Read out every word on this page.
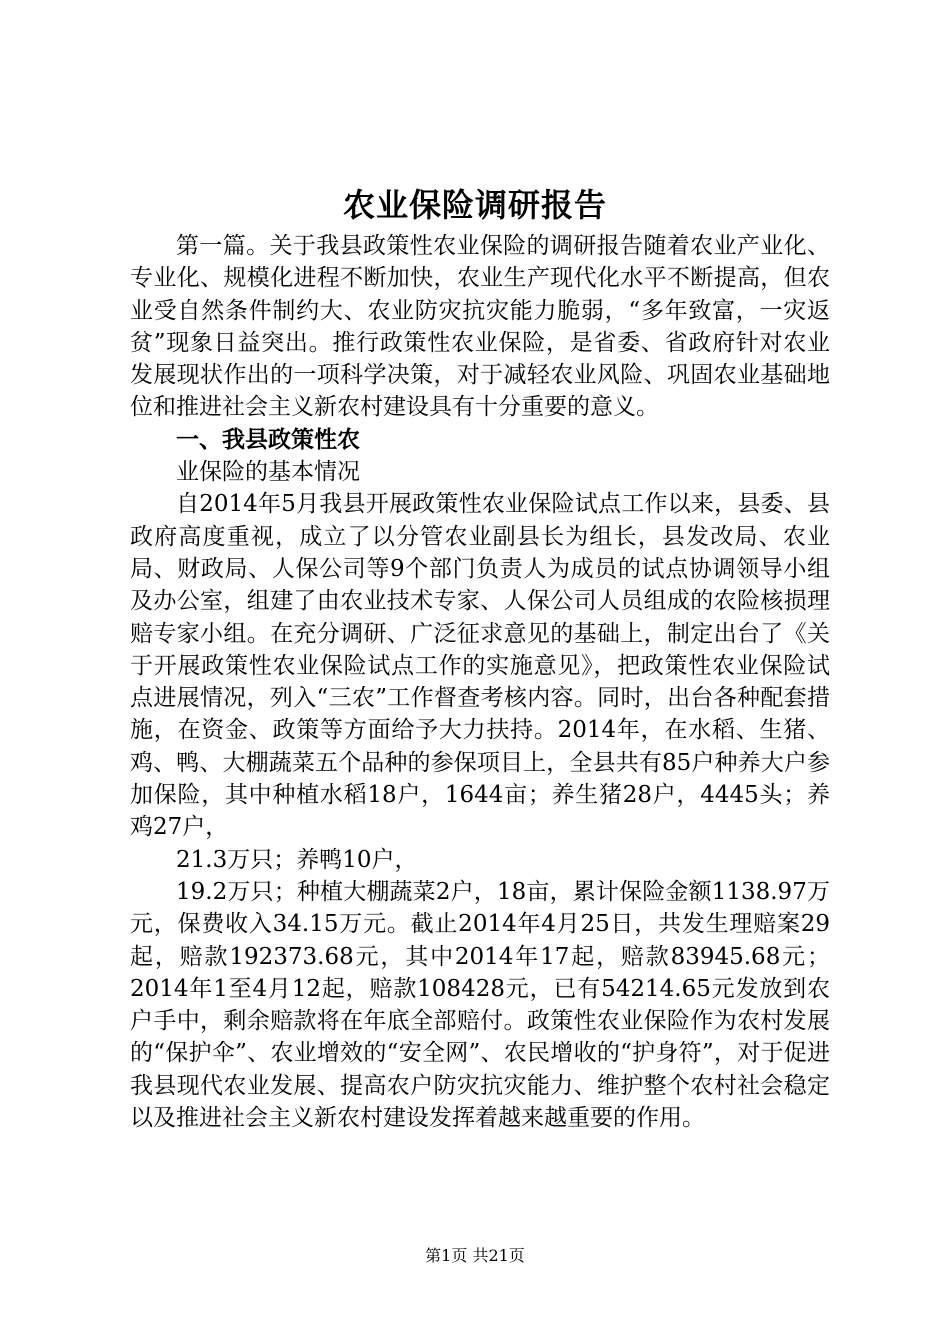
农业保险调研报告

第一篇。关于我县政策性农业保险的调研报告随着农业产业化、专业化、规模化进程不断加快，农业生产现代化水平不断提高，但农业受自然条件制约大、农业防灾抗灾能力脆弱，“多年致富，一灾返贫”现象日益突出。推行政策性农业保险，是省委、省政府针对农业发展现状作出的一项科学决策，对于减轻农业风险、巩固农业基础地位和推进社会主义新农村建设具有十分重要的意义。

一、我县政策性农

业保险的基本情况

自2014年5月我县开展政策性农业保险试点工作以来，县委、县政府高度重视，成立了以分管农业副县长为组长，县发改局、农业局、财政局、人保公司等9个部门负责人为成员的试点协调领导小组及办公室，组建了由农业技术专家、人保公司人员组成的农险核损理赔专家小组。在充分调研、广泛征求意见的基础上，制定出台了《关于开展政策性农业保险试点工作的实施意见》，把政策性农业保险试点进展情况，列入“三农”工作督查考核内容。同时，出台各种配套措施，在资金、政策等方面给予大力扶持。2014年，在水稻、生猪、鸡、鸭、大棚蔬菜五个品种的参保项目上，全县共有85户种养大户参加保险，其中种植水稻18户，1644亩；养生猪28户，4445头；养鸡27户，

21.3万只；养鸭10户，

19.2万只；种植大棚蔬菜2户，18亩，累计保险金额1138.97万元，保费收入34.15万元。截止2014年4月25日，共发生理赔案29起，赔款192373.68元，其中2014年17起，赔款83945.68元；2014年1至4月12起，赔款108428元，已有54214.65元发放到农户手中，剩余赔款将在年底全部赔付。政策性农业保险作为农村发展的“保护伞”、农业增效的“安全网”、农民增收的“护身符”，对于促进我县现代农业发展、提高农户防灾抗灾能力、维护整个农村社会稳定以及推进社会主义新农村建设发挥着越来越重要的作用。

第1页 共21页
